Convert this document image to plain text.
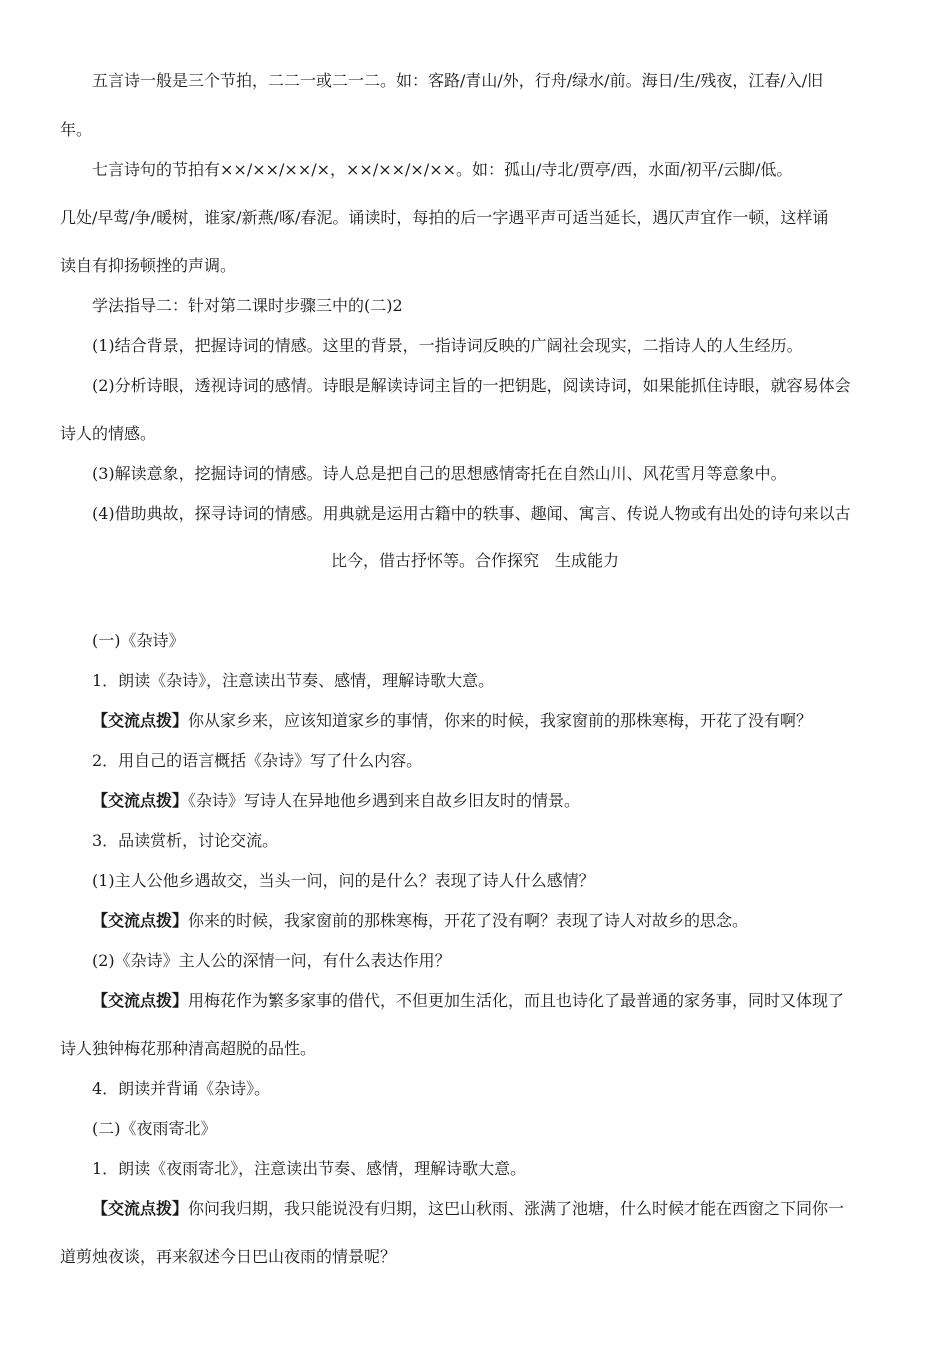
五言诗一般是三个节拍，二二一或二一二。如：客路/青山/外，行舟/绿水/前。海日/生/残夜，江春/入/旧
年。
七言诗句的节拍有××/××/××/×，××/××/×/××。如：孤山/寺北/贾亭/西，水面/初平/云脚/低。
几处/早莺/争/暖树，谁家/新燕/啄/春泥。诵读时，每拍的后一字遇平声可适当延长，遇仄声宜作一顿，这样诵
读自有抑扬顿挫的声调。
学法指导二：针对第二课时步骤三中的(二)2
(1)结合背景，把握诗词的情感。这里的背景，一指诗词反映的广阔社会现实，二指诗人的人生经历。
(2)分析诗眼，透视诗词的感情。诗眼是解读诗词主旨的一把钥匙，阅读诗词，如果能抓住诗眼，就容易体会
诗人的情感。
(3)解读意象，挖掘诗词的情感。诗人总是把自己的思想感情寄托在自然山川、风花雪月等意象中。
(4)借助典故，探寻诗词的情感。用典就是运用古籍中的轶事、趣闻、寓言、传说人物或有出处的诗句来以古
比今，借古抒怀等。合作探究　生成能力
(一)《杂诗》
1．朗读《杂诗》，注意读出节奏、感情，理解诗歌大意。
【交流点拨】你从家乡来，应该知道家乡的事情，你来的时候，我家窗前的那株寒梅，开花了没有啊？
2．用自己的语言概括《杂诗》写了什么内容。
【交流点拨】《杂诗》写诗人在异地他乡遇到来自故乡旧友时的情景。
3．品读赏析，讨论交流。
(1)主人公他乡遇故交，当头一问，问的是什么？表现了诗人什么感情？
【交流点拨】你来的时候，我家窗前的那株寒梅，开花了没有啊？表现了诗人对故乡的思念。
(2)《杂诗》主人公的深情一问，有什么表达作用？
【交流点拨】用梅花作为繁多家事的借代，不但更加生活化，而且也诗化了最普通的家务事，同时又体现了
诗人独钟梅花那种清高超脱的品性。
4．朗读并背诵《杂诗》。
(二)《夜雨寄北》
1．朗读《夜雨寄北》，注意读出节奏、感情，理解诗歌大意。
【交流点拨】你问我归期，我只能说没有归期，这巴山秋雨、涨满了池塘，什么时候才能在西窗之下同你一
道剪烛夜谈，再来叙述今日巴山夜雨的情景呢？
